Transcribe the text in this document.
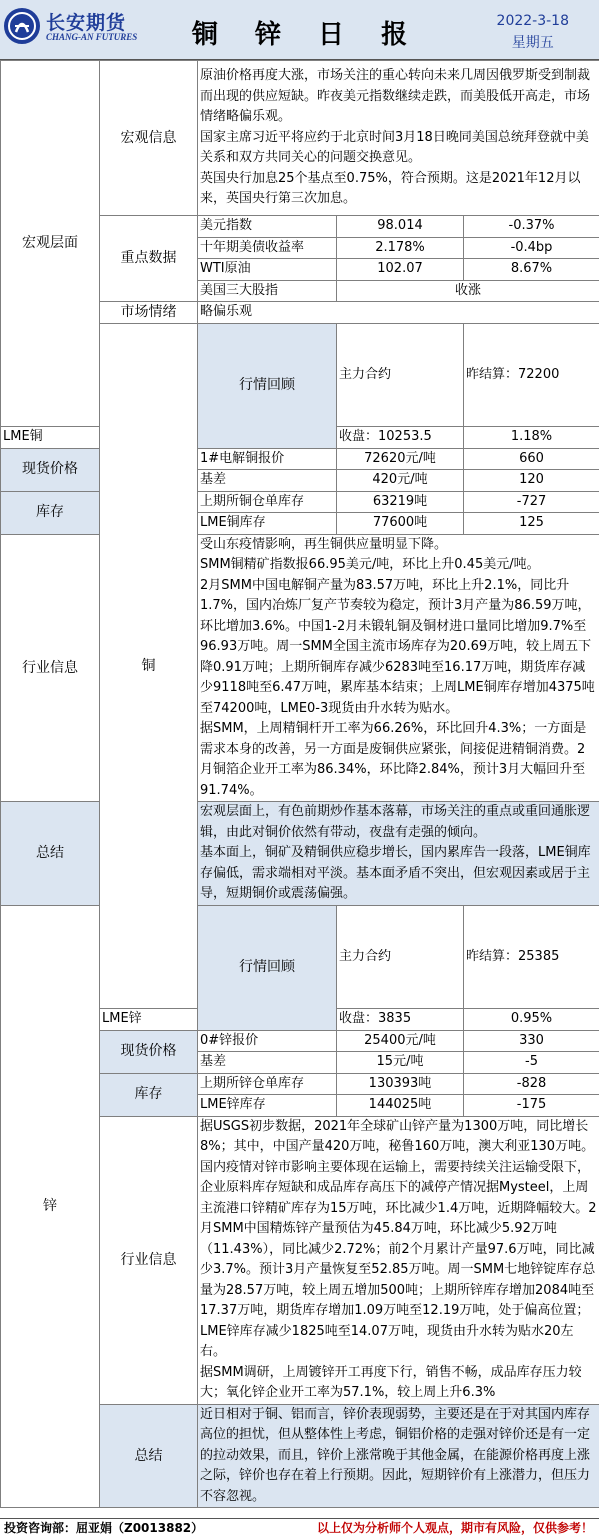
长安期货
CHANG-AN FUTURES	铜 锌 日 报	2022-3-18
星期五
宏观层面	宏观信息	原油价格再度大涨，市场关注的重心转向未来几周因俄罗斯受到制裁而出现的供应短缺。昨夜美元指数继续走跌，而美股低开高走，市场情绪略偏乐观。
国家主席习近平将应约于北京时间3月18日晚同美国总统拜登就中美关系和双方共同关心的问题交换意见。
英国央行加息25个基点至0.75%，符合预期。这是2021年12月以来，英国央行第三次加息。			

	重点数据	美元指数	98.014	-0.37%	
		十年期美债收益率	2.178%	-0.4bp	
		WTI原油	102.07	8.67%	
		美国三大股指	收涨		
	市场情绪	略偏乐观			
	铜	行情回顾	主力合约	昨结算：72200	
LME铜			收盘：10253.5	1.18%	
现货价格		1#电解铜报价	72620元/吨	660	
		基差	420元/吨	120	
库存		上期所铜仓单库存	63219吨	-727	
		LME铜库存	77600吨	125	
行业信息		受山东疫情影响，再生铜供应量明显下降。
SMM铜精矿指数报66.95美元/吨，环比上升0.45美元/吨。
2月SMM中国电解铜产量为83.57万吨，环比上升2.1%，同比升1.7%，国内冶炼厂复产节奏较为稳定，预计3月产量为86.59万吨，环比增加3.6%。中国1-2月未锻轧铜及铜材进口量同比增加9.7%至96.93万吨。周一SMM全国主流市场库存为20.69万吨，较上周五下降0.91万吨；上期所铜库存减少6283吨至16.17万吨，期货库存减少9118吨至6.47万吨，累库基本结束；上周LME铜库存增加4375吨至74200吨，LME0-3现货由升水转为贴水。
据SMM，上周精铜杆开工率为66.26%，环比回升4.3%；一方面是需求本身的改善，另一方面是废铜供应紧张，间接促进精铜消费。2月铜箔企业开工率为86.34%，环比降2.84%，预计3月大幅回升至91.74%。			

总结		宏观层面上，有色前期炒作基本落幕，市场关注的重点或重回通胀逻辑，由此对铜价依然有带动，夜盘有走强的倾向。
基本面上，铜矿及精铜供应稳步增长，国内累库告一段落，LME铜库存偏低，需求端相对平淡。基本面矛盾不突出，但宏观因素或居于主导，短期铜价或震荡偏强。			

锌		行情回顾	主力合约	昨结算：25385	
	LME锌		收盘：3835	0.95%	
	现货价格	0#锌报价	25400元/吨	330	
		基差	15元/吨	-5	
	库存	上期所锌仓单库存	130393吨	-828	
		LME锌库存	144025吨	-175	
	行业信息	据USGS初步数据，2021年全球矿山锌产量为1300万吨，同比增长8%；其中，中国产量420万吨，秘鲁160万吨，澳大利亚130万吨。
国内疫情对锌市影响主要体现在运输上，需要持续关注运输受限下，企业原料库存短缺和成品库存高压下的减停产情况据Mysteel，上周主流港口锌精矿库存为15万吨，环比减少1.4万吨，近期降幅较大。2月SMM中国精炼锌产量预估为45.84万吨，环比减少5.92万吨（11.43%），同比减少2.72%；前2个月累计产量97.6万吨，同比减少3.7%。预计3月产量恢复至52.85万吨。周一SMM七地锌锭库存总量为28.57万吨，较上周五增加500吨；上期所锌库存增加2084吨至17.37万吨，期货库存增加1.09万吨至12.19万吨，处于偏高位置；LME锌库存减少1825吨至14.07万吨，现货由升水转为贴水20左右。
据SMM调研，上周镀锌开工再度下行，销售不畅，成品库存压力较大；氧化锌企业开工率为57.1%，较上周上升6.3%			

	总结	近日相对于铜、铝而言，锌价表现弱势，主要还是在于对其国内库存高位的担忧，但从整体性上考虑，铜铝价格的走强对锌价还是有一定的拉动效果，而且，锌价上涨常晚于其他金属，在能源价格再度上涨之际，锌价也存在着上行预期。因此，短期锌价有上涨潜力，但压力不容忽视。			
投资咨询部：屈亚娟（Z0013882）	以上仅为分析师个人观点，期市有风险，仅供参考！
